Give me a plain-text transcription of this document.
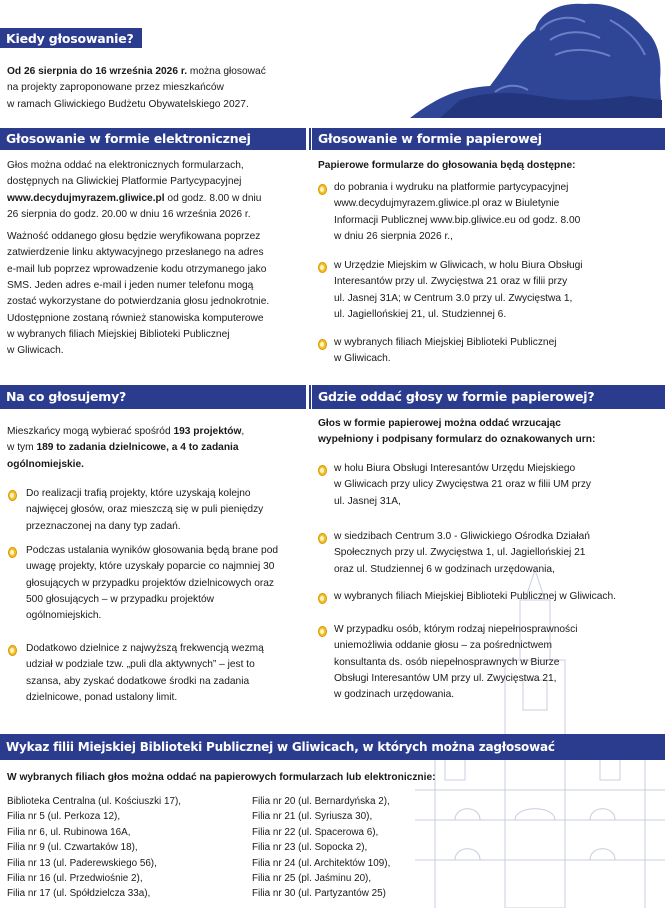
Kiedy głosowanie?
Od 26 sierpnia do 16 września 2026 r. można głosować
na projekty zaproponowane przez mieszkańców
w ramach Gliwickiego Budżetu Obywatelskiego 2027.
Głosowanie w formie elektronicznej
Głos można oddać na elektronicznych formularzach,
dostępnych na Gliwickiej Platformie Partycypacyjnej
www.decydujmyrazem.gliwice.pl od godz. 8.00 w dniu
26 sierpnia do godz. 20.00 w dniu 16 września 2026 r.
Ważność oddanego głosu będzie weryfikowana poprzez
zatwierdzenie linku aktywacyjnego przesłanego na adres
e-mail lub poprzez wprowadzenie kodu otrzymanego jako
SMS. Jeden adres e-mail i jeden numer telefonu mogą
zostać wykorzystane do potwierdzania głosu jednokrotnie.
Udostępnione zostaną również stanowiska komputerowe
w wybranych filiach Miejskiej Biblioteki Publicznej
w Gliwicach.
Głosowanie w formie papierowej
Papierowe formularze do głosowania będą dostępne:
do pobrania i wydruku na platformie partycypacyjnej
www.decydujmyrazem.gliwice.pl oraz w Biuletynie
Informacji Publicznej www.bip.gliwice.eu od godz. 8.00
w dniu 26 sierpnia 2026 r.,
w Urzędzie Miejskim w Gliwicach, w holu Biura Obsługi
Interesantów przy ul. Zwycięstwa 21 oraz w filii przy
ul. Jasnej 31A; w Centrum 3.0 przy ul. Zwycięstwa 1,
ul. Jagiellońskiej 21, ul. Studziennej 6.
w wybranych filiach Miejskiej Biblioteki Publicznej
w Gliwicach.
Na co głosujemy?
Mieszkańcy mogą wybierać spośród 193 projektów,
w tym 189 to zadania dzielnicowe, a 4 to zadania
ogólnomiejskie.
Do realizacji trafią projekty, które uzyskają kolejno
najwięcej głosów, oraz mieszczą się w puli pieniędzy
przeznaczonej na dany typ zadań.
Podczas ustalania wyników głosowania będą brane pod
uwagę projekty, które uzyskały poparcie co najmniej 30
głosujących w przypadku projektów dzielnicowych oraz
500 głosujących – w przypadku projektów
ogólnomiejskich.
Dodatkowo dzielnice z najwyższą frekwencją wezmą
udział w podziale tzw. „puli dla aktywnych” – jest to
szansa, aby zyskać dodatkowe środki na zadania
dzielnicowe, ponad ustalony limit.
Gdzie oddać głosy w formie papierowej?
Głos w formie papierowej można oddać wrzucając
wypełniony i podpisany formularz do oznakowanych urn:
w holu Biura Obsługi Interesantów Urzędu Miejskiego
w Gliwicach przy ulicy Zwycięstwa 21 oraz w filii UM przy
ul. Jasnej 31A,
w siedzibach Centrum 3.0 - Gliwickiego Ośrodka Działań
Społecznych przy ul. Zwycięstwa 1, ul. Jagiellońskiej 21
oraz ul. Studziennej 6 w godzinach urzędowania,
w wybranych filiach Miejskiej Biblioteki Publicznej w Gliwicach.
W przypadku osób, którym rodzaj niepełnosprawności
uniemożliwia oddanie głosu – za pośrednictwem
konsultanta ds. osób niepełnosprawnych w Biurze
Obsługi Interesantów UM przy ul. Zwycięstwa 21,
w godzinach urzędowania.
Wykaz filii Miejskiej Biblioteki Publicznej w Gliwicach, w których można zagłosować
W wybranych filiach głos można oddać na papierowych formularzach lub elektronicznie:
Biblioteka Centralna (ul. Kościuszki 17),
Filia nr 5 (ul. Perkoza 12),
Filia nr 6, ul. Rubinowa 16A,
Filia nr 9 (ul. Czwartaków 18),
Filia nr 13 (ul. Paderewskiego 56),
Filia nr 16 (ul. Przedwiośnie 2),
Filia nr 17 (ul. Spółdzielcza 33a),
Filia nr 20 (ul. Bernardyńska 2),
Filia nr 21 (ul. Syriusza 30),
Filia nr 22 (ul. Spacerowa 6),
Filia nr 23 (ul. Sopocka 2),
Filia nr 24 (ul. Architektów 109),
Filia nr 25 (pl. Jaśminu 20),
Filia nr 30 (ul. Partyzantów 25)
